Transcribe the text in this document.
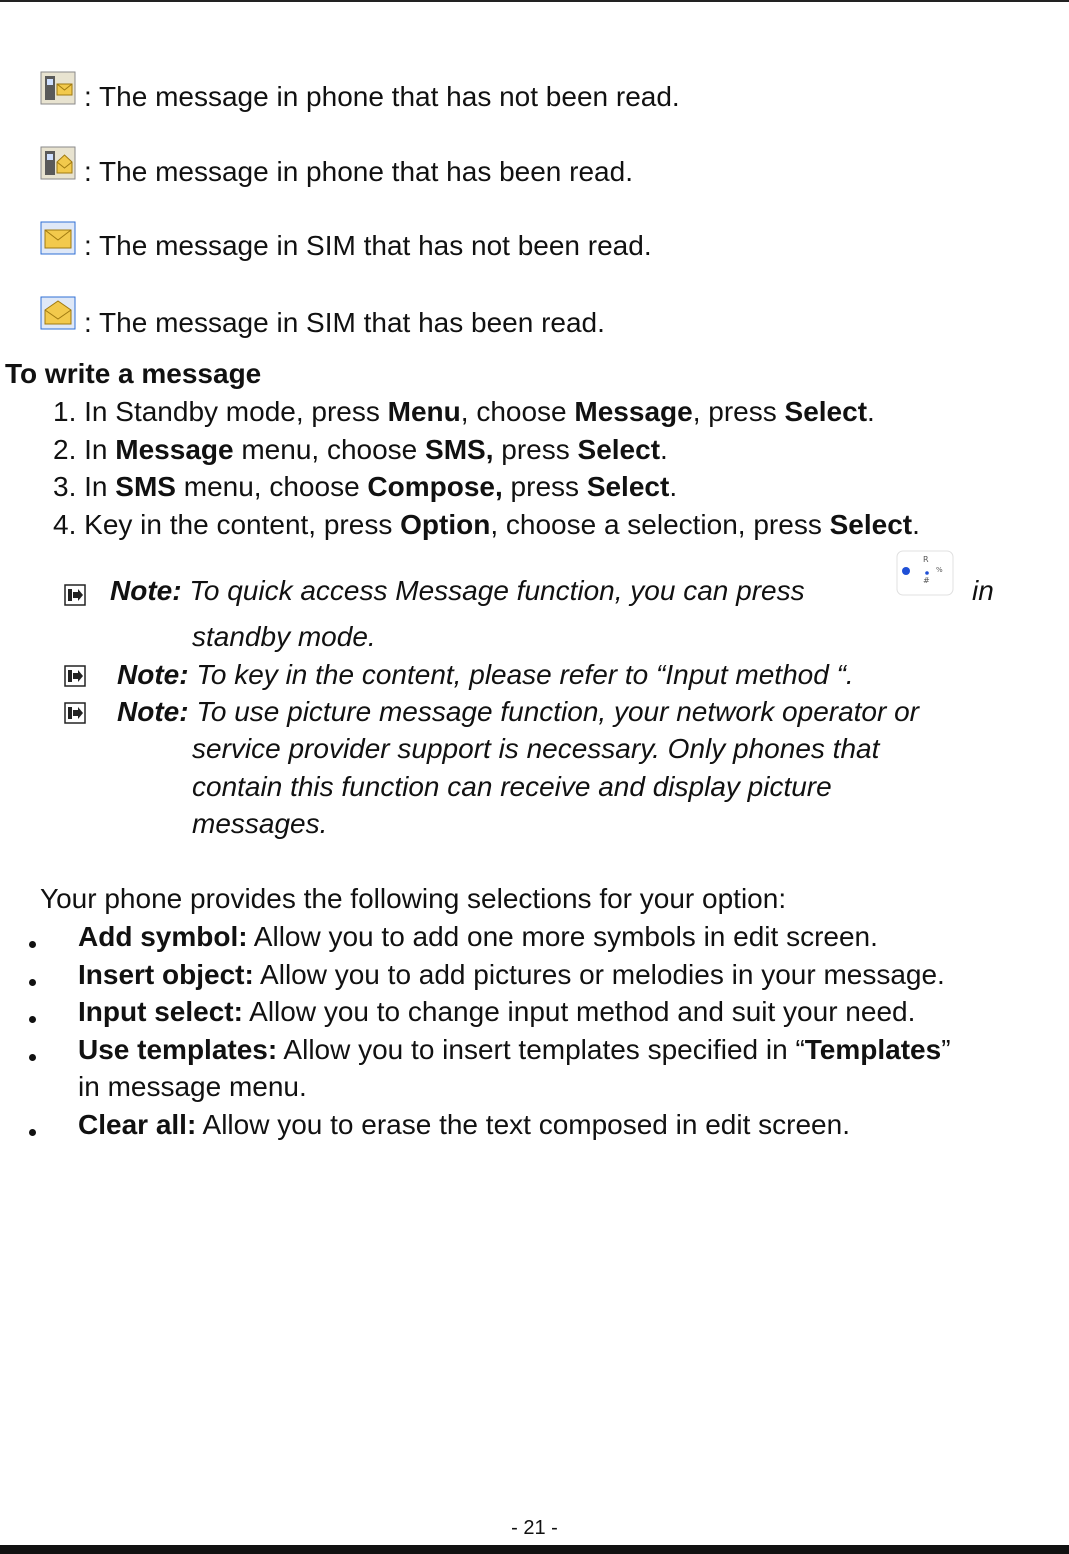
: The message in phone that has not been read.
: The message in phone that has been read.
: The message in SIM that has not been read.
: The message in SIM that has been read.
To write a message
1. In Standby mode, press Menu, choose Message, press Select.
2. In Message menu, choose SMS, press Select.
3. In SMS menu, choose Compose, press Select.
4. Key in the content, press Option, choose a selection, press Select.
Note: To quick access Message function, you can press
R
%
# in
standby mode.
Note: To key in the content, please refer to “Input method “.
Note: To use picture message function, your network operator or
service provider support is necessary. Only phones that
contain this function can receive and display picture
messages.
Your phone provides the following selections for your option:
Add symbol: Allow you to add one more symbols in edit screen.
Insert object: Allow you to add pictures or melodies in your message.
Input select: Allow you to change input method and suit your need.
Use templates: Allow you to insert templates specified in “Templates”
in message menu.
Clear all: Allow you to erase the text composed in edit screen.
- 21 -
